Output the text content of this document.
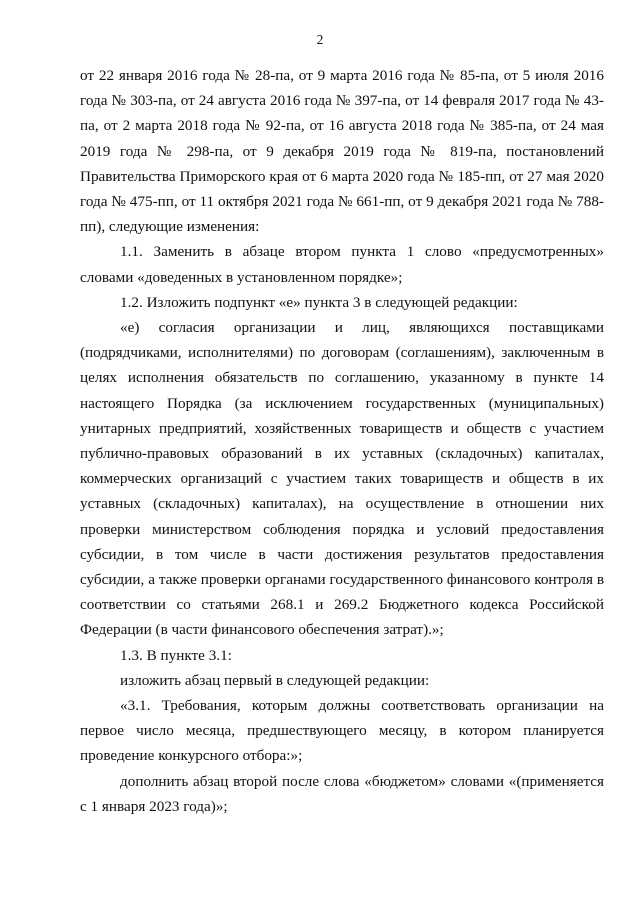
2

от 22 января 2016 года № 28-па, от 9 марта 2016 года № 85-па, от 5 июля 2016 года № 303-па, от 24 августа 2016 года № 397-па, от 14 февраля 2017 года № 43-па, от 2 марта 2018 года № 92-па, от 16 августа 2018 года № 385-па, от 24 мая 2019 года № 298-па, от 9 декабря 2019 года № 819-па, постановлений Правительства Приморского края от 6 марта 2020 года № 185-пп, от 27 мая 2020 года № 475-пп, от 11 октября 2021 года № 661-пп, от 9 декабря 2021 года № 788-пп), следующие изменения:

1.1. Заменить в абзаце втором пункта 1 слово «предусмотренных» словами «доведенных в установленном порядке»;

1.2. Изложить подпункт «е» пункта 3 в следующей редакции:

«е) согласия организации и лиц, являющихся поставщиками (подрядчиками, исполнителями) по договорам (соглашениям), заключенным в целях исполнения обязательств по соглашению, указанному в пункте 14 настоящего Порядка (за исключением государственных (муниципальных) унитарных предприятий, хозяйственных товариществ и обществ с участием публично-правовых образований в их уставных (складочных) капиталах, коммерческих организаций с участием таких товариществ и обществ в их уставных (складочных) капиталах), на осуществление в отношении них проверки министерством соблюдения порядка и условий предоставления субсидии, в том числе в части достижения результатов предоставления субсидии, а также проверки органами государственного финансового контроля в соответствии со статьями 268.1 и 269.2 Бюджетного кодекса Российской Федерации (в части финансового обеспечения затрат).»;

1.3. В пункте 3.1:

изложить абзац первый в следующей редакции:

«3.1. Требования, которым должны соответствовать организации на первое число месяца, предшествующего месяцу, в котором планируется проведение конкурсного отбора:»;

дополнить абзац второй после слова «бюджетом» словами «(применяется с 1 января 2023 года)»;
